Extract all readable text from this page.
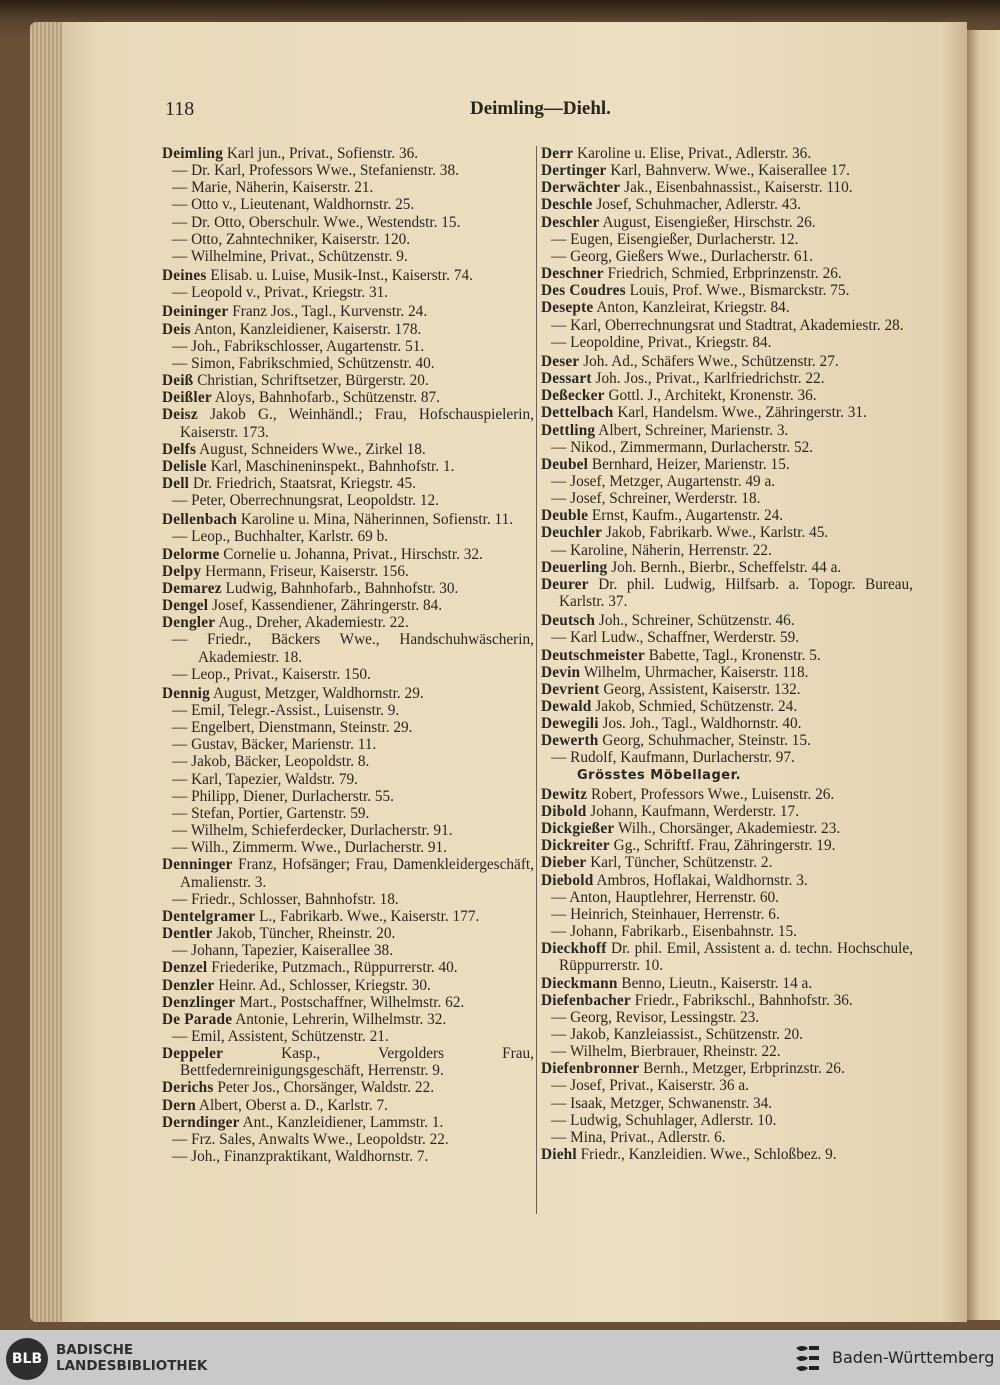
118	Deimling—Diehl.
Deimling Karl jun., Privat., Sofienstr. 36.
— Dr. Karl, Professors Wwe., Stefanienstr. 38.
— Marie, Näherin, Kaiserstr. 21.
— Otto v., Lieutenant, Waldhornstr. 25.
— Dr. Otto, Oberschulr. Wwe., Westendstr. 15.
— Otto, Zahntechniker, Kaiserstr. 120.
— Wilhelmine, Privat., Schützenstr. 9.
Deines Elisab. u. Luise, Musik-Inst., Kaiserstr. 74.
— Leopold v., Privat., Kriegstr. 31.
Deininger Franz Jos., Tagl., Kurvenstr. 24.
Deis Anton, Kanzleidiener, Kaiserstr. 178.
— Joh., Fabrikschlosser, Augartenstr. 51.
— Simon, Fabrikschmied, Schützenstr. 40.
Deiß Christian, Schriftsetzer, Bürgerstr. 20.
Deißler Aloys, Bahnhofarb., Schützenstr. 87.
Deisz Jakob G., Weinhändl.; Frau, Hofschauspielerin, Kaiserstr. 173.
Delfs August, Schneiders Wwe., Zirkel 18.
Delisle Karl, Maschineninspekt., Bahnhofstr. 1.
Dell Dr. Friedrich, Staatsrat, Kriegstr. 45.
— Peter, Oberrechnungsrat, Leopoldstr. 12.
Dellenbach Karoline u. Mina, Näherinnen, Sofienstr. 11.
— Leop., Buchhalter, Karlstr. 69 b.
Delorme Cornelie u. Johanna, Privat., Hirschstr. 32.
Delpy Hermann, Friseur, Kaiserstr. 156.
Demarez Ludwig, Bahnhofarb., Bahnhofstr. 30.
Dengel Josef, Kassendiener, Zähringerstr. 84.
Dengler Aug., Dreher, Akademiestr. 22.
— Friedr., Bäckers Wwe., Handschuhwäscherin, Akademiestr. 18.
— Leop., Privat., Kaiserstr. 150.
Dennig August, Metzger, Waldhornstr. 29.
— Emil, Telegr.-Assist., Luisenstr. 9.
— Engelbert, Dienstmann, Steinstr. 29.
— Gustav, Bäcker, Marienstr. 11.
— Jakob, Bäcker, Leopoldstr. 8.
— Karl, Tapezier, Waldstr. 79.
— Philipp, Diener, Durlacherstr. 55.
— Stefan, Portier, Gartenstr. 59.
— Wilhelm, Schieferdecker, Durlacherstr. 91.
— Wilh., Zimmerm. Wwe., Durlacherstr. 91.
Denninger Franz, Hofsänger; Frau, Damenkleidergeschäft, Amalienstr. 3.
— Friedr., Schlosser, Bahnhofstr. 18.
Dentelgramer L., Fabrikarb. Wwe., Kaiserstr. 177.
Dentler Jakob, Tüncher, Rheinstr. 20.
— Johann, Tapezier, Kaiserallee 38.
Denzel Friederike, Putzmach., Rüppurrerstr. 40.
Denzler Heinr. Ad., Schlosser, Kriegstr. 30.
Denzlinger Mart., Postschaffner, Wilhelmstr. 62.
De Parade Antonie, Lehrerin, Wilhelmstr. 32.
— Emil, Assistent, Schützenstr. 21.
Deppeler	Kasp., Vergolders Frau, Bettfedernreinigungsgeschäft, Herrenstr. 9.
Derichs Peter Jos., Chorsänger, Waldstr. 22.
Dern Albert, Oberst a. D., Karlstr. 7.
Derndinger Ant., Kanzleidiener, Lammstr. 1.
— Frz. Sales, Anwalts Wwe., Leopoldstr. 22.
— Joh., Finanzpraktikant, Waldhornstr. 7.
Derr Karoline u. Elise, Privat., Adlerstr. 36.
Dertinger Karl, Bahnverw. Wwe., Kaiserallee 17.
Derwächter Jak., Eisenbahnassist., Kaiserstr. 110.
Deschle Josef, Schuhmacher, Adlerstr. 43.
Deschler August, Eisengießer, Hirschstr. 26.
— Eugen, Eisengießer, Durlacherstr. 12.
— Georg, Gießers Wwe., Durlacherstr. 61.
Deschner Friedrich, Schmied, Erbprinzenstr. 26.
Des Coudres Louis, Prof. Wwe., Bismarckstr. 75.
Desepte Anton, Kanzleirat, Kriegstr. 84.
— Karl, Oberrechnungsrat und Stadtrat, Akademiestr. 28.
— Leopoldine, Privat., Kriegstr. 84.
Deser Joh. Ad., Schäfers Wwe., Schützenstr. 27.
Dessart Joh. Jos., Privat., Karlfriedrichstr. 22.
Deßecker Gottl. J., Architekt, Kronenstr. 36.
Dettelbach Karl, Handelsm. Wwe., Zähringerstr. 31.
Dettling Albert, Schreiner, Marienstr. 3.
— Nikod., Zimmermann, Durlacherstr. 52.
Deubel Bernhard, Heizer, Marienstr. 15.
— Josef, Metzger, Augartenstr. 49 a.
— Josef, Schreiner, Werderstr. 18.
Deuble Ernst, Kaufm., Augartenstr. 24.
Deuchler Jakob, Fabrikarb. Wwe., Karlstr. 45.
— Karoline, Näherin, Herrenstr. 22.
Deuerling Joh. Bernh., Bierbr., Scheffelstr. 44 a.
Deurer Dr. phil. Ludwig, Hilfsarb. a. Topogr. Bureau, Karlstr. 37.
Deutsch Joh., Schreiner, Schützenstr. 46.
— Karl Ludw., Schaffner, Werderstr. 59.
Deutschmeister Babette, Tagl., Kronenstr. 5.
Devin Wilhelm, Uhrmacher, Kaiserstr. 118.
Devrient Georg, Assistent, Kaiserstr. 132.
Dewald Jakob, Schmied, Schützenstr. 24.
Dewegili Jos. Joh., Tagl., Waldhornstr. 40.
Dewerth Georg, Schuhmacher, Steinstr. 15.
— Rudolf, Kaufmann, Durlacherstr. 97.
Grösstes Möbellager.
Dewitz Robert, Professors Wwe., Luisenstr. 26.
Dibold Johann, Kaufmann, Werderstr. 17.
Dickgießer Wilh., Chorsänger, Akademiestr. 23.
Dickreiter Gg., Schriftf. Frau, Zähringerstr. 19.
Dieber Karl, Tüncher, Schützenstr. 2.
Diebold Ambros, Hoflakai, Waldhornstr. 3.
— Anton, Hauptlehrer, Herrenstr. 60.
— Heinrich, Steinhauer, Herrenstr. 6.
— Johann, Fabrikarb., Eisenbahnstr. 15.
Dieckhoff Dr. phil. Emil, Assistent a. d. techn. Hochschule, Rüppurrerstr. 10.
Dieckmann Benno, Lieutn., Kaiserstr. 14 a.
Diefenbacher Friedr., Fabrikschl., Bahnhofstr. 36.
— Georg, Revisor, Lessingstr. 23.
— Jakob, Kanzleiassist., Schützenstr. 20.
— Wilhelm, Bierbrauer, Rheinstr. 22.
Diefenbronner Bernh., Metzger, Erbprinzstr. 26.
— Josef, Privat., Kaiserstr. 36 a.
— Isaak, Metzger, Schwanenstr. 34.
— Ludwig, Schuhlager, Adlerstr. 10.
— Mina, Privat., Adlerstr. 6.
Diehl Friedr., Kanzleidien. Wwe., Schloßbez. 9.
BLB
BADISCHE
LANDESBIBLIOTHEK	Baden-Württemberg
